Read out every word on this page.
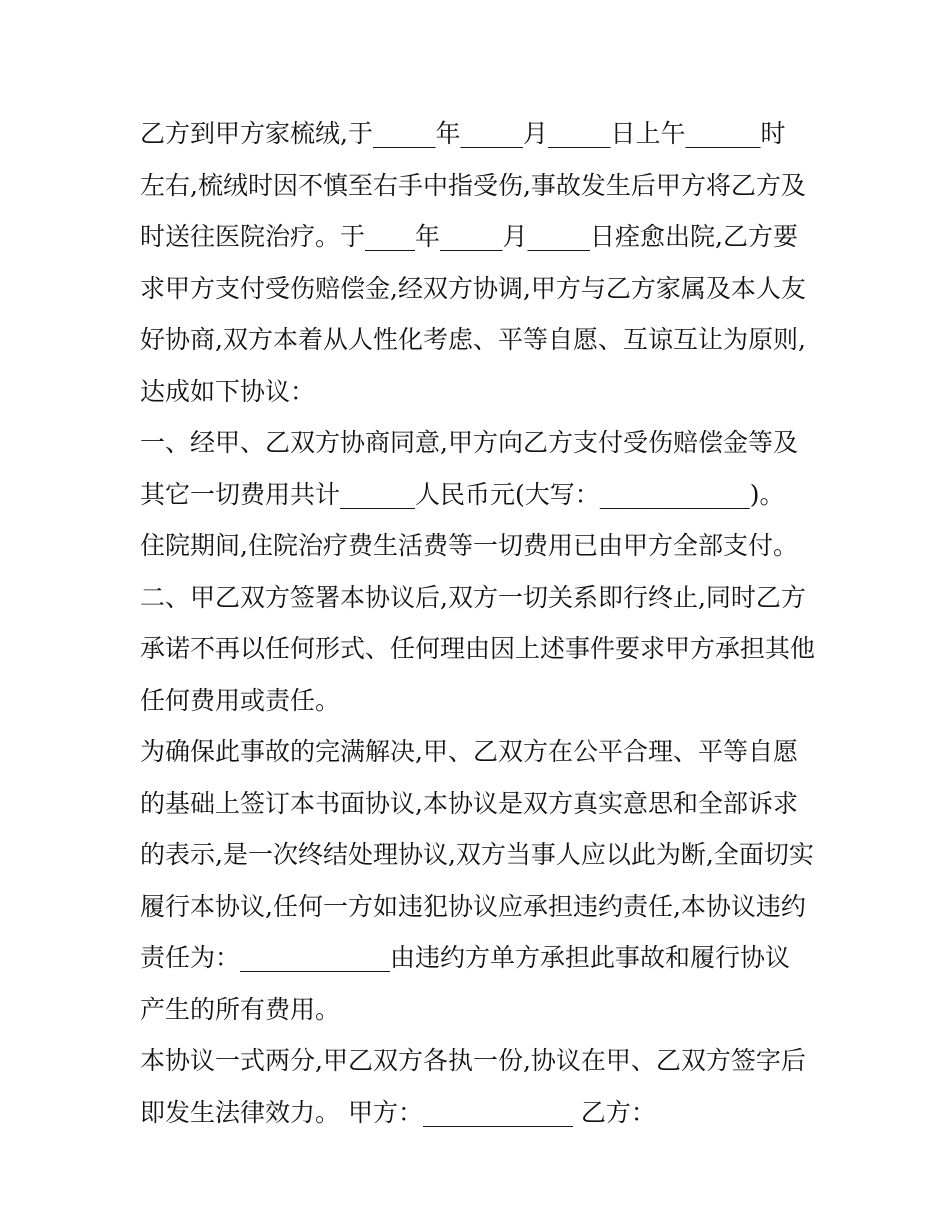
乙方到甲方家梳绒,于_____年_____月_____日上午______时
左右,梳绒时因不慎至右手中指受伤,事故发生后甲方将乙方及
时送往医院治疗。于____年_____月_____日痊愈出院,乙方要
求甲方支付受伤赔偿金,经双方协调,甲方与乙方家属及本人友
好协商,双方本着从人性化考虑、平等自愿、互谅互让为原则,
达成如下协议：
一、经甲、乙双方协商同意,甲方向乙方支付受伤赔偿金等及
其它一切费用共计______人民币元(大写：____________)。
住院期间,住院治疗费生活费等一切费用已由甲方全部支付。
二、甲乙双方签署本协议后,双方一切关系即行终止,同时乙方
承诺不再以任何形式、任何理由因上述事件要求甲方承担其他
任何费用或责任。
为确保此事故的完满解决,甲、乙双方在公平合理、平等自愿
的基础上签订本书面协议,本协议是双方真实意思和全部诉求
的表示,是一次终结处理协议,双方当事人应以此为断,全面切实
履行本协议,任何一方如违犯协议应承担违约责任,本协议违约
责任为：____________由违约方单方承担此事故和履行协议
产生的所有费用。
本协议一式两分,甲乙双方各执一份,协议在甲、乙双方签字后
即发生法律效力。 甲方：____________ 乙方：
